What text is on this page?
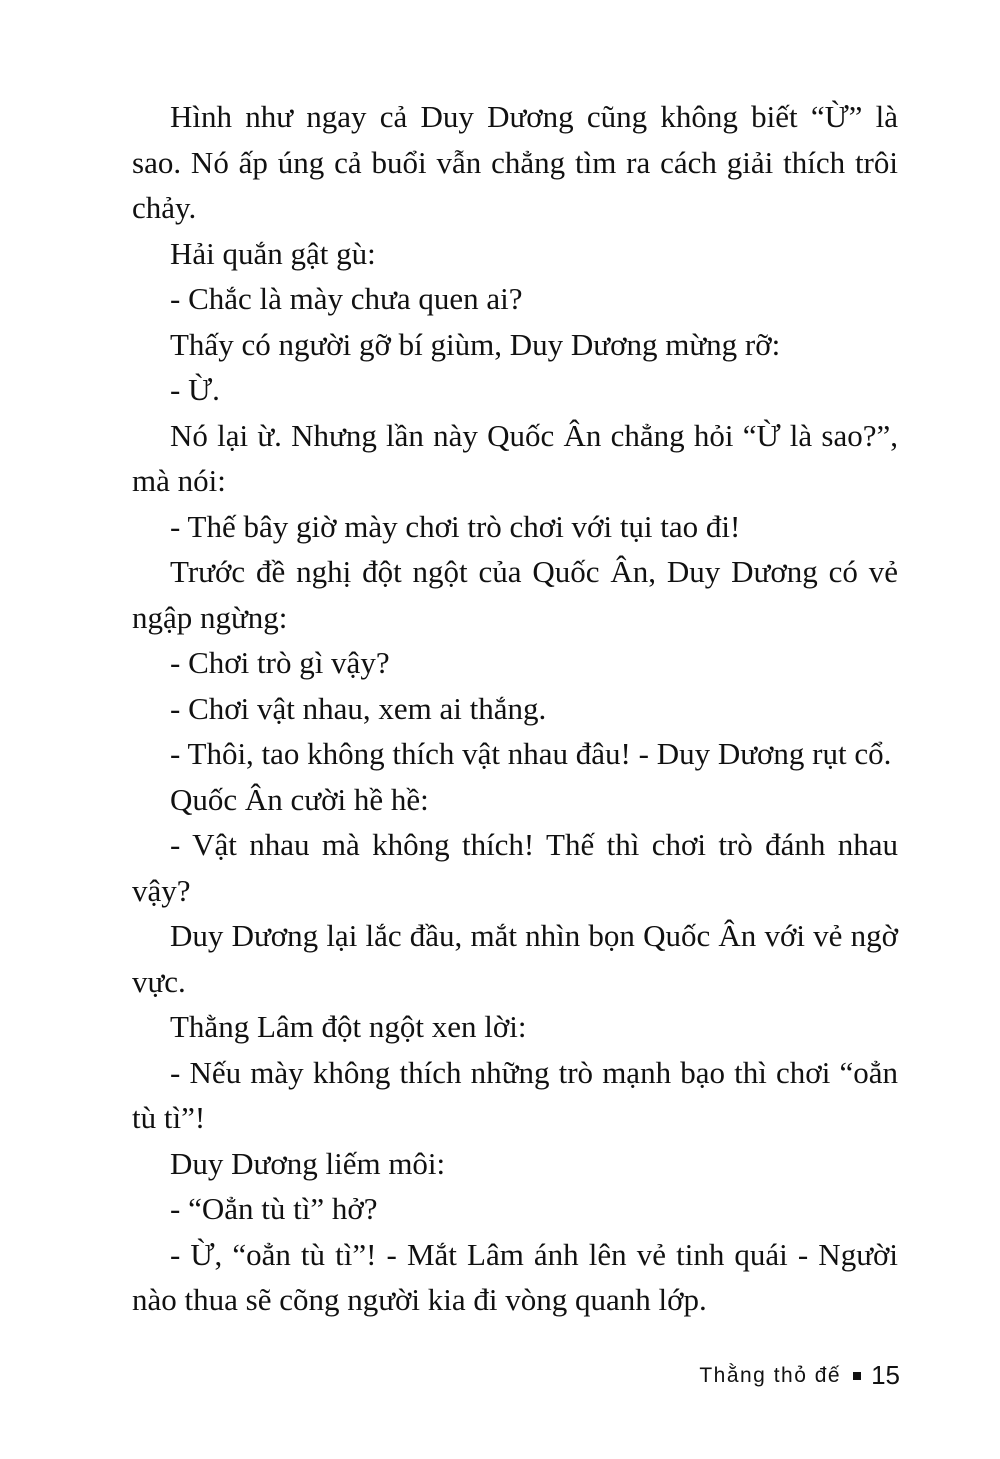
Hình như ngay cả Duy Dương cũng không biết “Ừ” là sao. Nó ấp úng cả buổi vẫn chẳng tìm ra cách giải thích trôi chảy.

Hải quắn gật gù:

- Chắc là mày chưa quen ai?

Thấy có người gỡ bí giùm, Duy Dương mừng rỡ:

- Ừ.

Nó lại ừ. Nhưng lần này Quốc Ân chẳng hỏi “Ừ là sao?”, mà nói:

- Thế bây giờ mày chơi trò chơi với tụi tao đi!

Trước đề nghị đột ngột của Quốc Ân, Duy Dương có vẻ ngập ngừng:

- Chơi trò gì vậy?

- Chơi vật nhau, xem ai thắng.

- Thôi, tao không thích vật nhau đâu! - Duy Dương rụt cổ.

Quốc Ân cười hề hề:

- Vật nhau mà không thích! Thế thì chơi trò đánh nhau vậy?

Duy Dương lại lắc đầu, mắt nhìn bọn Quốc Ân với vẻ ngờ vực.

Thằng Lâm đột ngột xen lời:

- Nếu mày không thích những trò mạnh bạo thì chơi “oẳn tù tì”!

Duy Dương liếm môi:

- “Oẳn tù tì” hở?

- Ừ, “oẳn tù tì”! - Mắt Lâm ánh lên vẻ tinh quái - Người nào thua sẽ cõng người kia đi vòng quanh lớp.

Thằng thỏ đế 15
